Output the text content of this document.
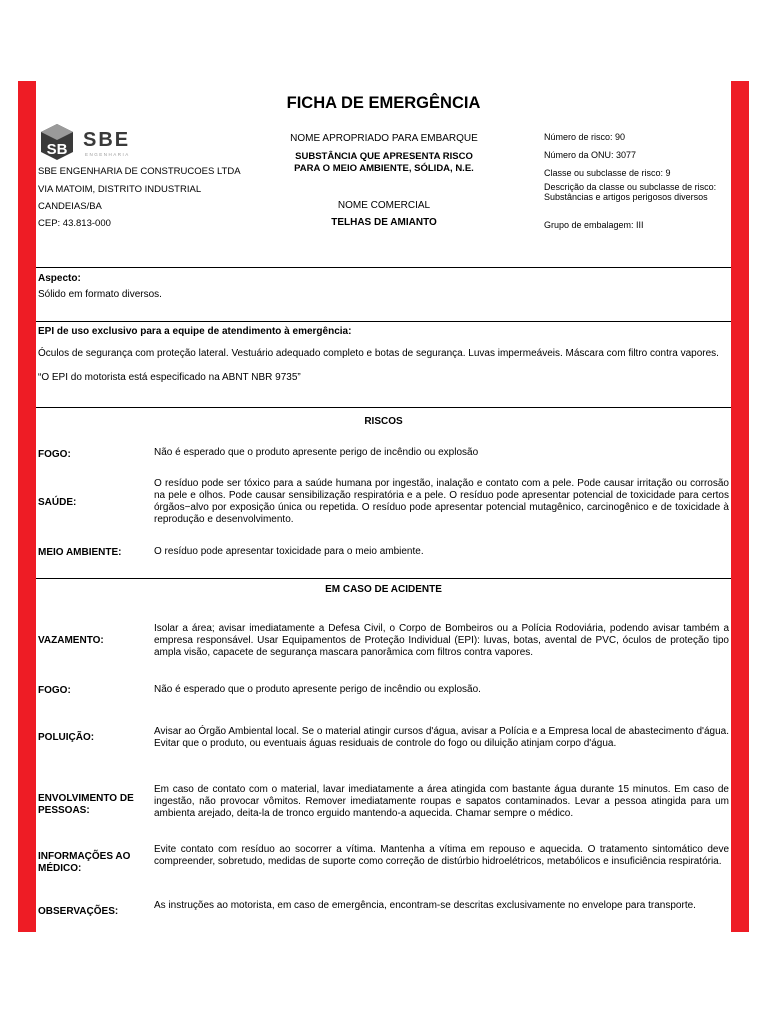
FICHA DE EMERGÊNCIA
SB SBE
ENGENHARIA
SBE ENGENHARIA DE CONSTRUCOES LTDA
VIA MATOIM, DISTRITO INDUSTRIAL
CANDEIAS/BA
CEP: 43.813-000
NOME APROPRIADO PARA EMBARQUE
SUBSTÂNCIA QUE APRESENTA RISCO
PARA O MEIO AMBIENTE, SÓLIDA, N.E.
NOME COMERCIAL
TELHAS DE AMIANTO
Número de risco: 90
Número da ONU: 3077
Classe ou subclasse de risco: 9
Descrição da classe ou subclasse de risco: Substâncias e artigos perigosos diversos
Grupo de embalagem: III
Aspecto:
Sólido em formato diversos.
EPI de uso exclusivo para a equipe de atendimento à emergência:
Óculos de segurança com proteção lateral. Vestuário adequado completo e botas de segurança. Luvas impermeáveis. Máscara com filtro contra vapores.
“O EPI do motorista está especificado na ABNT NBR 9735”
RISCOS
FOGO:	Não é esperado que o produto apresente perigo de incêndio ou explosão
SAÚDE:
O resíduo pode ser tóxico para a saúde humana por ingestão, inalação e contato com a pele. Pode causar irritação ou corrosão na pele e olhos. Pode causar sensibilização respiratória e a pele. O resíduo pode apresentar potencial de toxicidade para certos órgãos−alvo por exposição única ou repetida. O resíduo pode apresentar potencial mutagênico, carcinogênico e de toxicidade à reprodução e desenvolvimento.
MEIO AMBIENTE:	O resíduo pode apresentar toxicidade para o meio ambiente.
EM CASO DE ACIDENTE
VAZAMENTO:
Isolar a área; avisar imediatamente a Defesa Civil, o Corpo de Bombeiros ou a Polícia Rodoviária, podendo avisar também a empresa responsável. Usar Equipamentos de Proteção Individual (EPI): luvas, botas, avental de PVC, óculos de proteção tipo ampla visão, capacete de segurança mascara panorâmica com filtros contra vapores.
FOGO:	Não é esperado que o produto apresente perigo de incêndio ou explosão.
POLUIÇÃO:
Avisar ao Órgão Ambiental local. Se o material atingir cursos d'água, avisar a Polícia e a Empresa local de abastecimento d'água. Evitar que o produto, ou eventuais águas residuais de controle do fogo ou diluição atinjam corpo d'água.
ENVOLVIMENTO DE PESSOAS:
Em caso de contato com o material, lavar imediatamente a área atingida com bastante água durante 15 minutos. Em caso de ingestão, não provocar vômitos. Remover imediatamente roupas e sapatos contaminados. Levar a pessoa atingida para um ambienta arejado, deita-la de tronco erguido mantendo-a aquecida. Chamar sempre o médico.
INFORMAÇÕES AO MÉDICO:
Evite contato com resíduo ao socorrer a vítima. Mantenha a vítima em repouso e aquecida. O tratamento sintomático deve compreender, sobretudo, medidas de suporte como correção de distúrbio hidroelétricos, metabólicos e insuficiência respiratória.
OBSERVAÇÕES:
As instruções ao motorista, em caso de emergência, encontram-se descritas exclusivamente no envelope para transporte.
